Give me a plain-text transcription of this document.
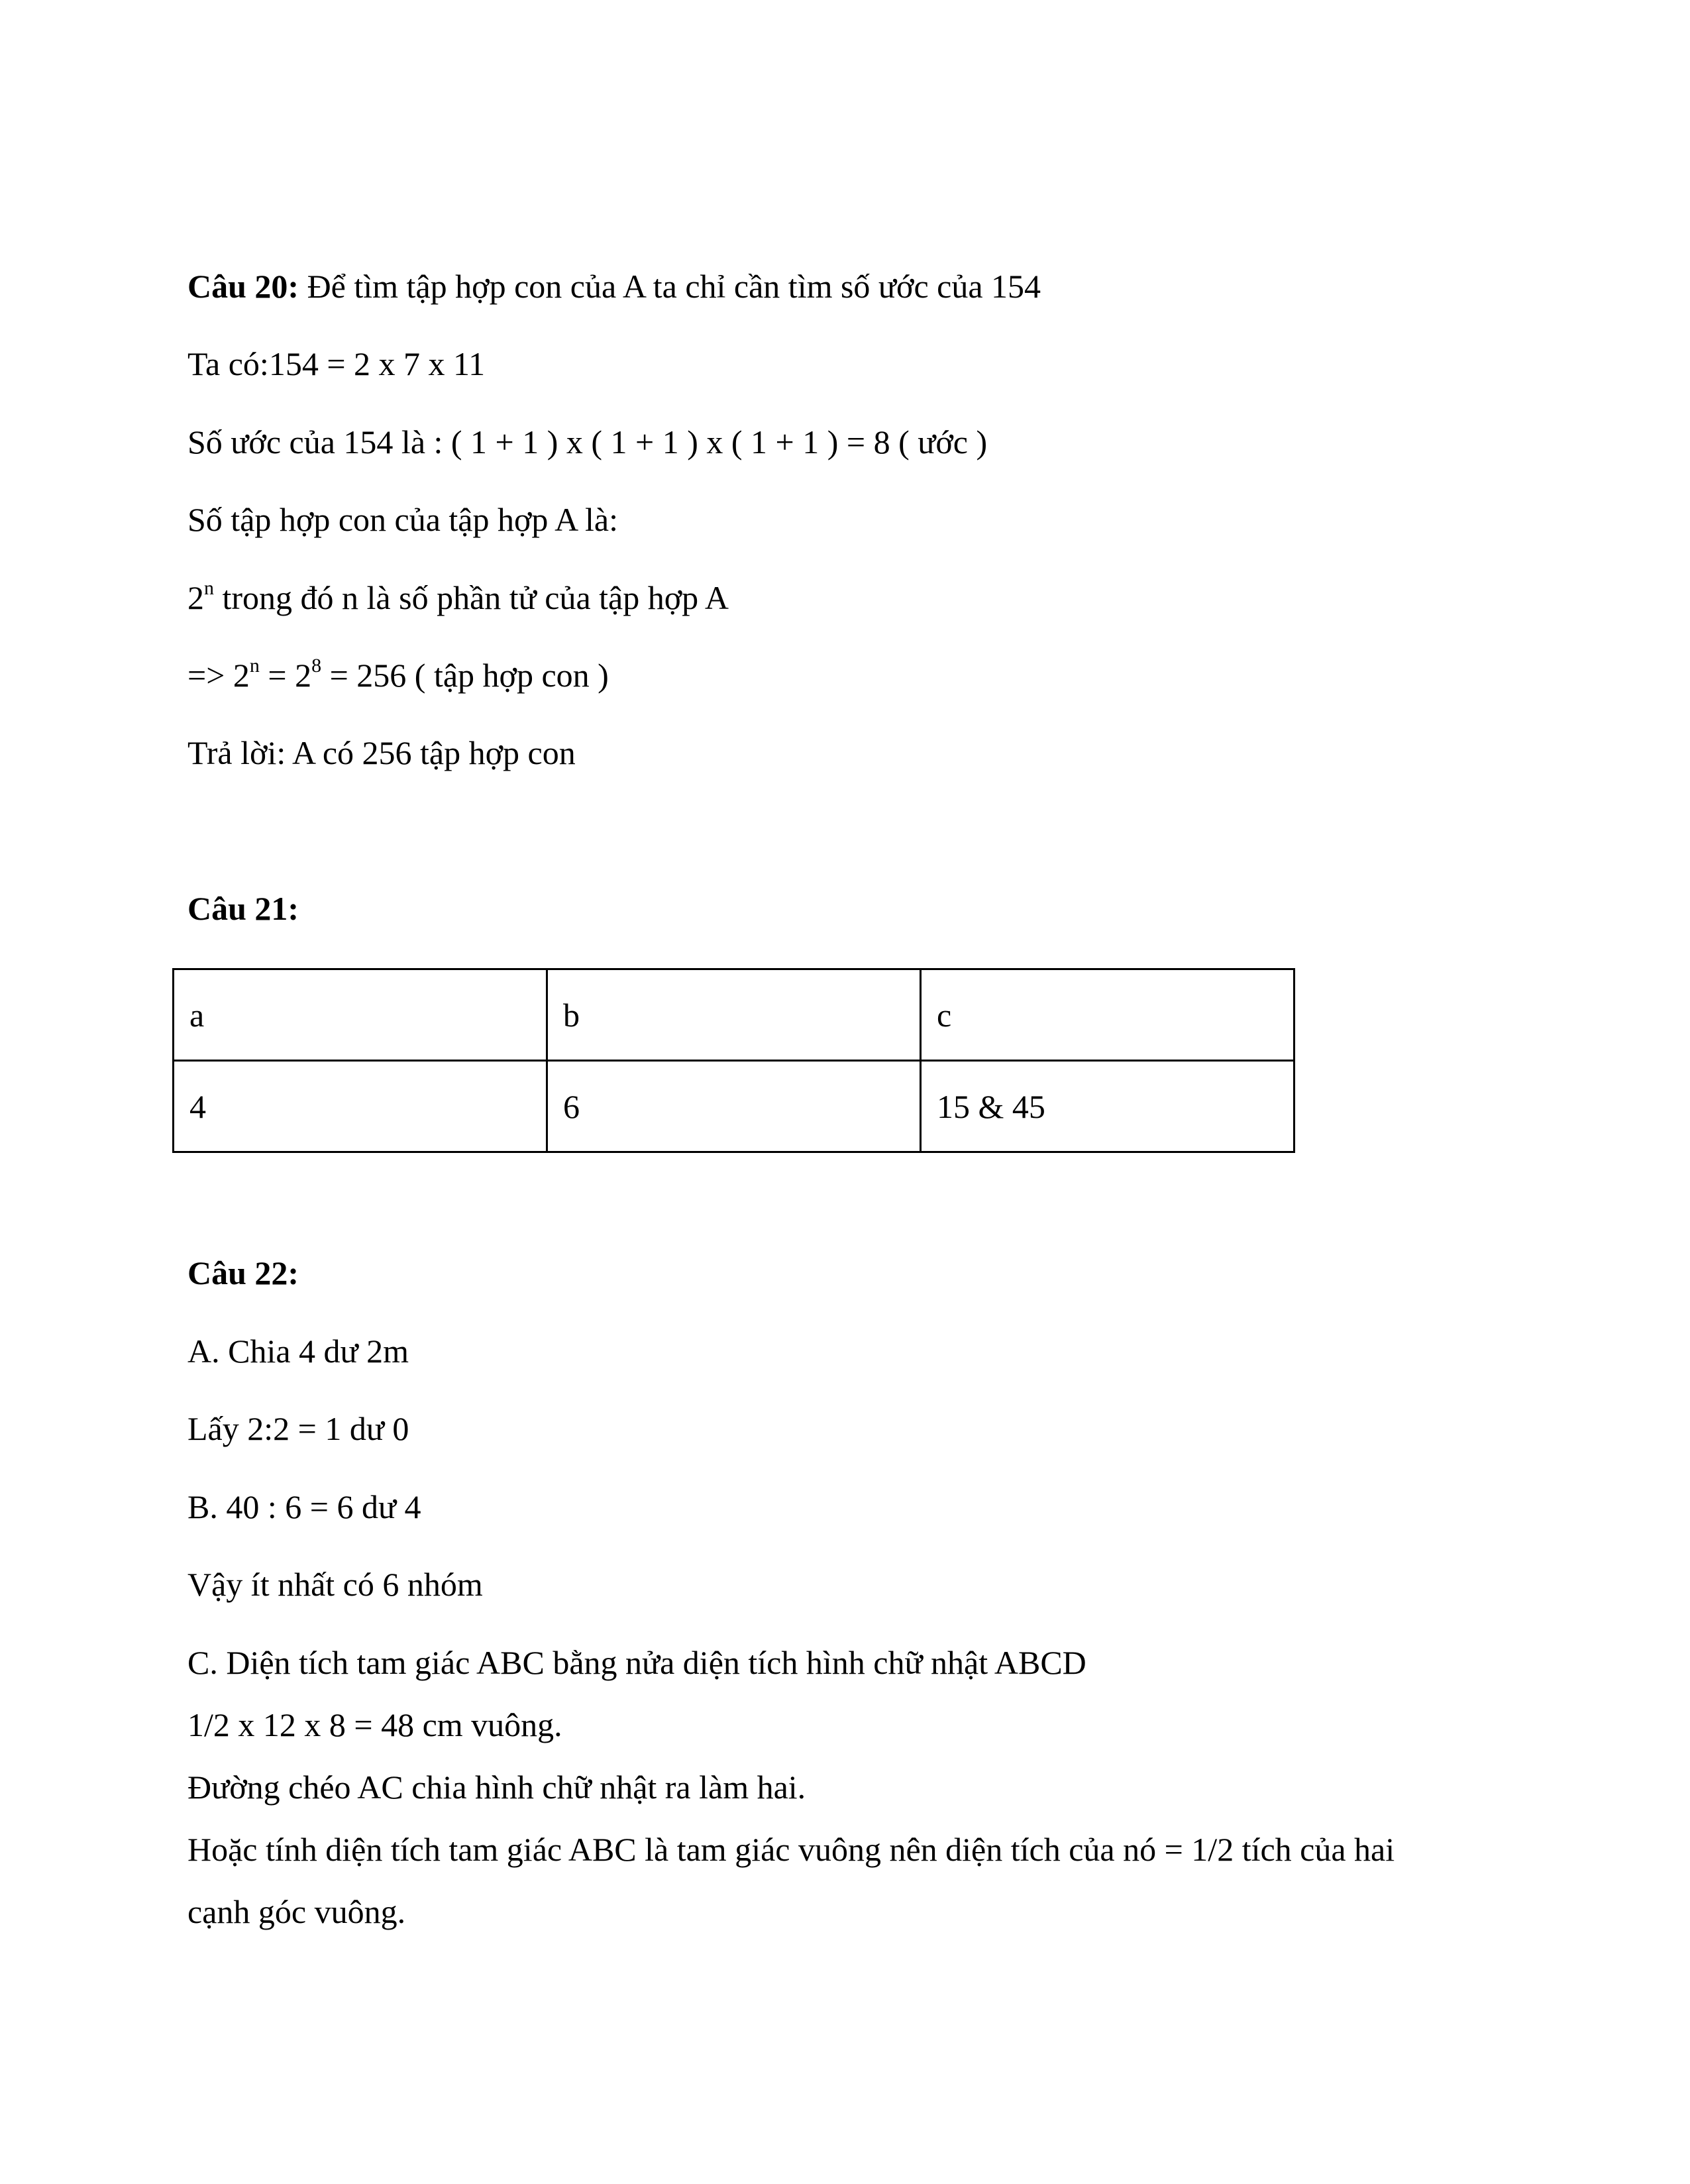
Câu 20: Để tìm tập hợp con của A ta chỉ cần tìm số ước của 154
Ta có:154 = 2 x 7 x 11
Số ước của 154 là : ( 1 + 1 ) x ( 1 + 1 ) x ( 1 + 1 ) = 8 ( ước )
Số tập hợp con của tập hợp A là:
2$^n$ trong đó n là số phần tử của tập hợp A
=> $2^n = 2^8 = 256$ ( tập hợp con )
Trả lời: A có 256 tập hợp con
Câu 21:
a	b	c
4	6	15 & 45
Câu 22:
A. Chia 4 dư 2m
Lấy 2:2 = 1 dư 0
B. 40 : 6 = 6 dư 4
Vậy ít nhất có 6 nhóm
C. Diện tích tam giác ABC bằng nửa diện tích hình chữ nhật ABCD
1/2 x 12 x 8 = 48 cm vuông.
Đường chéo AC chia hình chữ nhật ra làm hai.
Hoặc tính diện tích tam giác ABC là tam giác vuông nên diện tích của nó = 1/2 tích của hai
cạnh góc vuông.
